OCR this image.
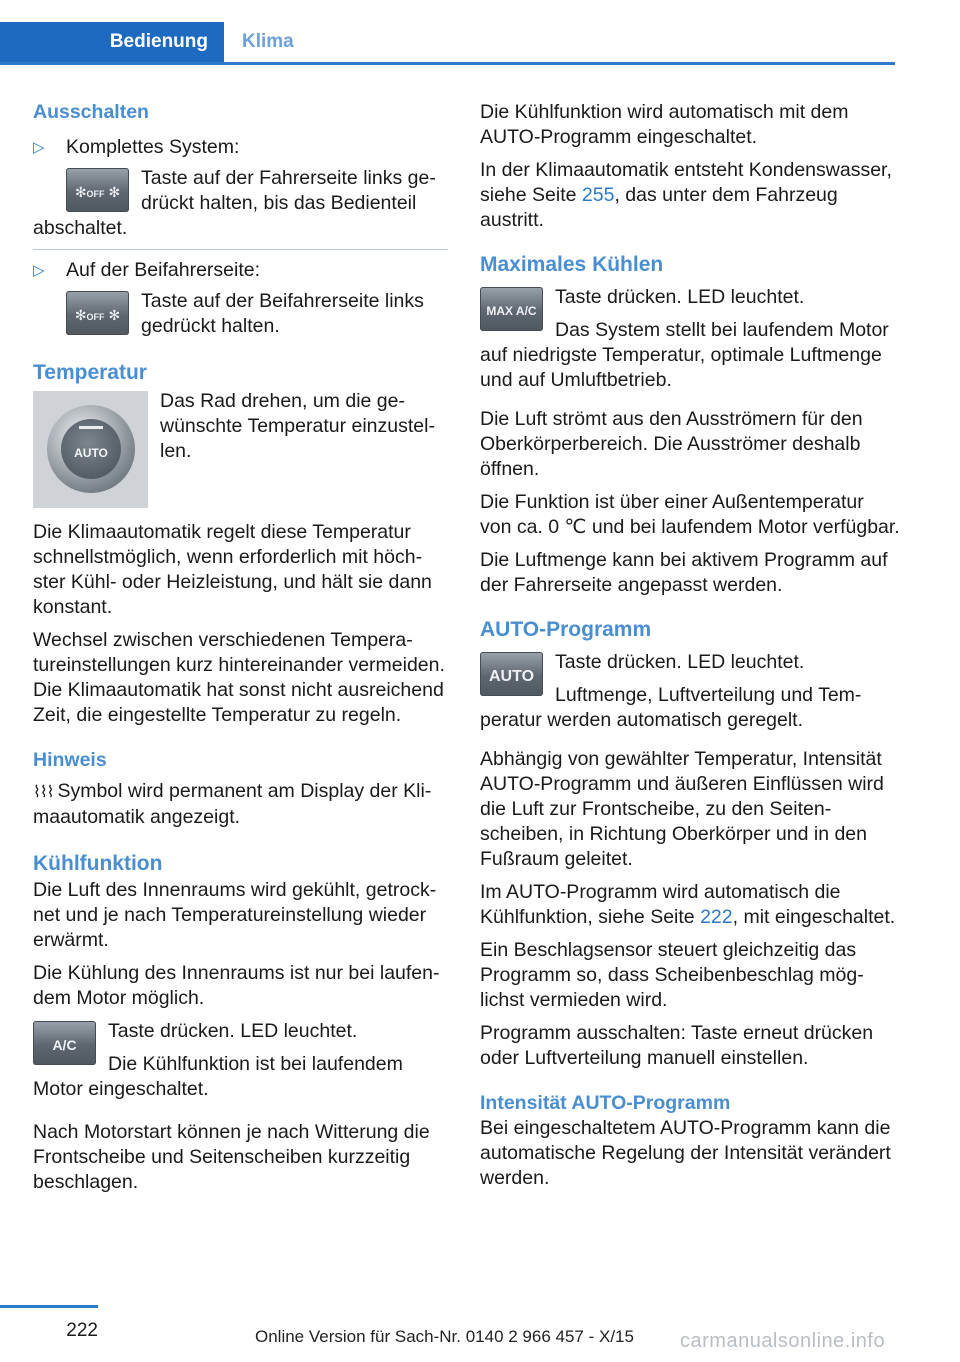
Bedienung	Klima
Ausschalten
▷ Komplettes System:
✻OFF ✻
Taste auf der Fahrerseite links gedrückt halten, bis das Bedienteil abschaltet.
▷ Auf der Beifahrerseite:
✻OFF ✻
Taste auf der Beifahrerseite links gedrückt halten.
Temperatur
AUTO
Das Rad drehen, um die gewünschte Temperatur einzustellen.

Die Klimaautomatik regelt diese Temperatur schnellstmöglich, wenn erforderlich mit höchster Kühl- oder Heizleistung, und hält sie dann konstant.

Wechsel zwischen verschiedenen Temperatureinstellungen kurz hintereinander vermeiden. Die Klimaautomatik hat sonst nicht ausreichend Zeit, die eingestellte Temperatur zu regeln.

Hinweis

⌇⌇⌇ Symbol wird permanent am Display der Klimaautomatik angezeigt.

Kühlfunktion

Die Luft des Innenraums wird gekühlt, getrocknet und je nach Temperatureinstellung wieder erwärmt.

Die Kühlung des Innenraums ist nur bei laufendem Motor möglich.

A/C
Taste drücken. LED leuchtet.
Die Kühlfunktion ist bei laufendem Motor eingeschaltet.

Nach Motorstart können je nach Witterung die Frontscheibe und Seitenscheiben kurzzeitig beschlagen.

Die Kühlfunktion wird automatisch mit dem AUTO-Programm eingeschaltet.

In der Klimaautomatik entsteht Kondenswasser, siehe Seite 255, das unter dem Fahrzeug austritt.

Maximales Kühlen
MAX A/C
Taste drücken. LED leuchtet.
Das System stellt bei laufendem Motor auf niedrigste Temperatur, optimale Luftmenge und auf Umluftbetrieb.

Die Luft strömt aus den Ausströmern für den Oberkörperbereich. Die Ausströmer deshalb öffnen.

Die Funktion ist über einer Außentemperatur von ca. 0 ℃ und bei laufendem Motor verfügbar.

Die Luftmenge kann bei aktivem Programm auf der Fahrerseite angepasst werden.

AUTO-Programm
AUTO
Taste drücken. LED leuchtet.
Luftmenge, Luftverteilung und Temperatur werden automatisch geregelt.

Abhängig von gewählter Temperatur, Intensität AUTO-Programm und äußeren Einflüssen wird die Luft zur Frontscheibe, zu den Seitenscheiben, in Richtung Oberkörper und in den Fußraum geleitet.

Im AUTO-Programm wird automatisch die Kühlfunktion, siehe Seite 222, mit eingeschaltet.

Ein Beschlagsensor steuert gleichzeitig das Programm so, dass Scheibenbeschlag möglichst vermieden wird.

Programm ausschalten: Taste erneut drücken oder Luftverteilung manuell einstellen.

Intensität AUTO-Programm

Bei eingeschaltetem AUTO-Programm kann die automatische Regelung der Intensität verändert werden.

222	Online Version für Sach-Nr. 0140 2 966 457 - X/15 carmanualsonline.info
